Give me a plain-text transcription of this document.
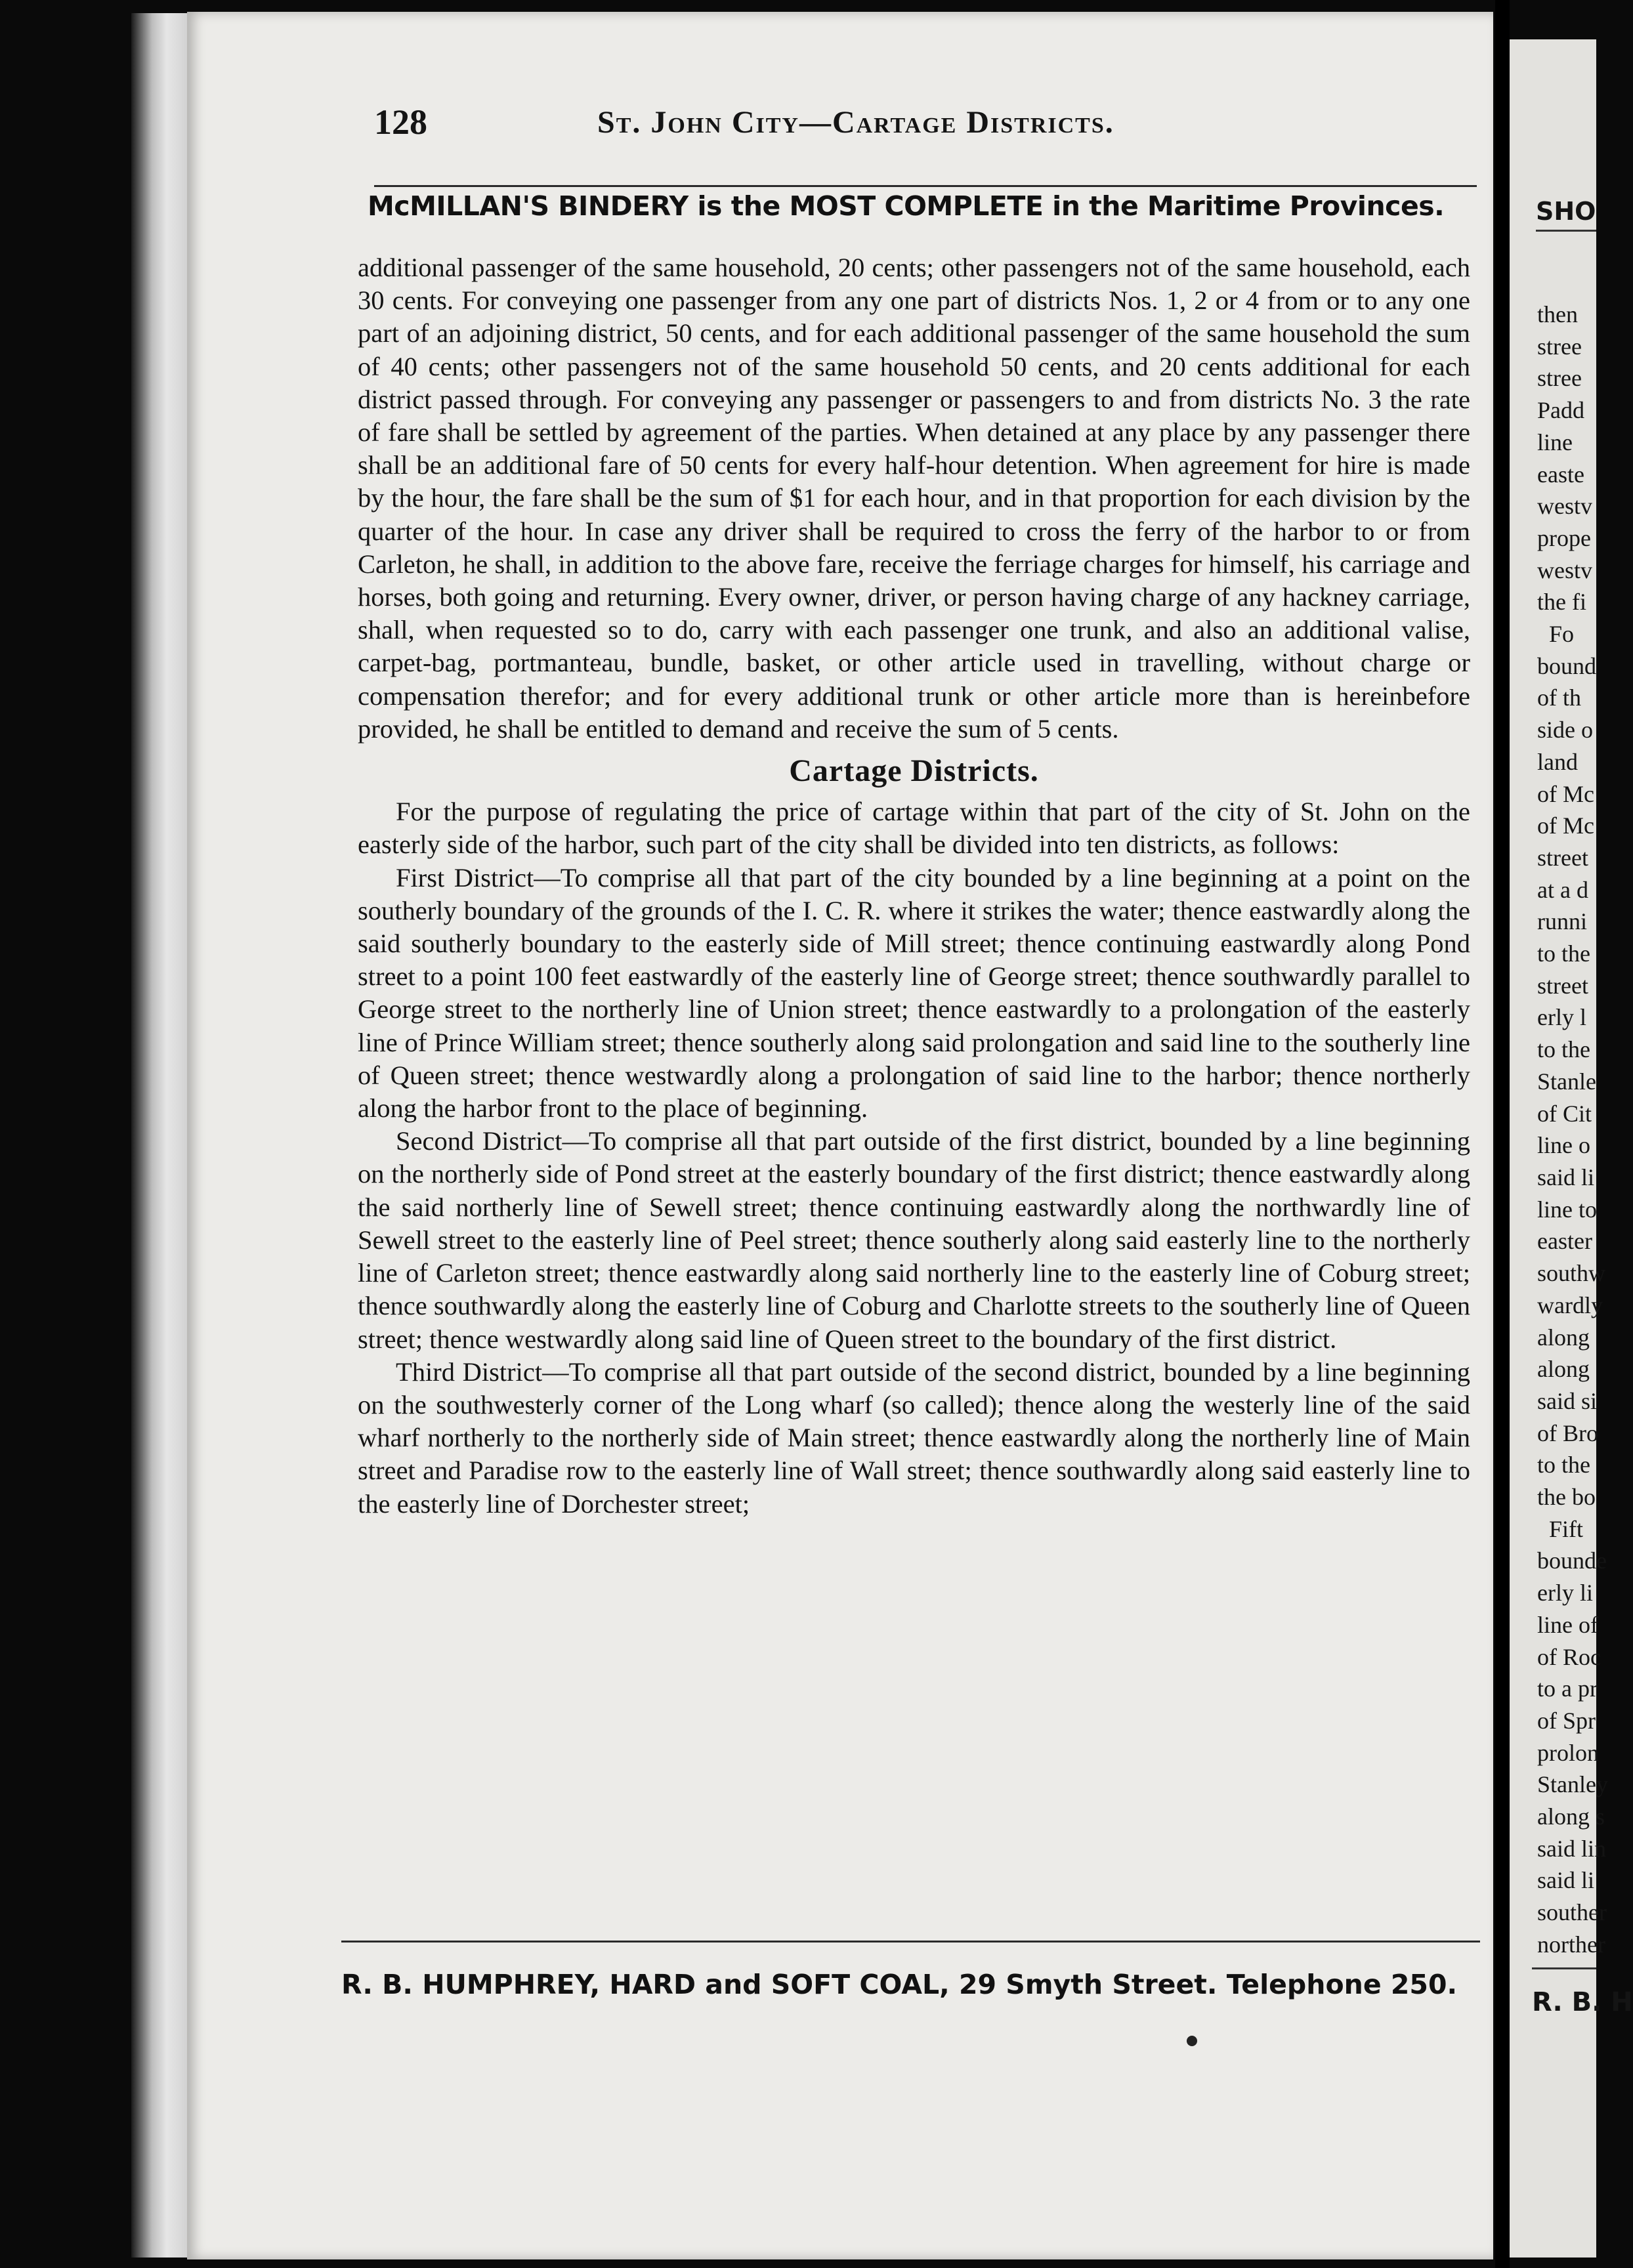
128	St. John City—Cartage Districts.
McMILLAN'S BINDERY is the MOST COMPLETE in the Maritime Provinces.

additional passenger of the same household, 20 cents; other passengers not of the same household, each 30 cents. For conveying one passenger from any one part of districts Nos. 1, 2 or 4 from or to any one part of an adjoining district, 50 cents, and for each additional passenger of the same household the sum of 40 cents; other passengers not of the same household 50 cents, and 20 cents additional for each district passed through. For conveying any passenger or passengers to and from districts No. 3 the rate of fare shall be settled by agreement of the parties. When detained at any place by any passenger there shall be an additional fare of 50 cents for every half-hour detention. When agreement for hire is made by the hour, the fare shall be the sum of $1 for each hour, and in that proportion for each division by the quarter of the hour. In case any driver shall be required to cross the ferry of the harbor to or from Carleton, he shall, in addition to the above fare, receive the ferriage charges for himself, his carriage and horses, both going and returning. Every owner, driver, or person having charge of any hackney carriage, shall, when requested so to do, carry with each passenger one trunk, and also an additional valise, carpet-bag, portmanteau, bundle, basket, or other article used in travelling, without charge or compensation therefor; and for every additional trunk or other article more than is hereinbefore provided, he shall be entitled to demand and receive the sum of 5 cents.

Cartage Districts.

For the purpose of regulating the price of cartage within that part of the city of St. John on the easterly side of the harbor, such part of the city shall be divided into ten districts, as follows:

First District—To comprise all that part of the city bounded by a line beginning at a point on the southerly boundary of the grounds of the I. C. R. where it strikes the water; thence eastwardly along the said southerly boundary to the easterly side of Mill street; thence continuing eastwardly along Pond street to a point 100 feet eastwardly of the easterly line of George street; thence southwardly parallel to George street to the northerly line of Union street; thence eastwardly to a prolongation of the easterly line of Prince William street; thence southerly along said prolongation and said line to the southerly line of Queen street; thence westwardly along a prolongation of said line to the harbor; thence northerly along the harbor front to the place of beginning.

Second District—To comprise all that part outside of the first district, bounded by a line beginning on the northerly side of Pond street at the easterly boundary of the first district; thence eastwardly along the said northerly line of Sewell street; thence continuing eastwardly along the northwardly line of Sewell street to the easterly line of Peel street; thence southerly along said easterly line to the northerly line of Carleton street; thence eastwardly along said northerly line to the easterly line of Coburg street; thence southwardly along the easterly line of Coburg and Charlotte streets to the southerly line of Queen street; thence westwardly along said line of Queen street to the boundary of the first district.

Third District—To comprise all that part outside of the second district, bounded by a line beginning on the southwesterly corner of the Long wharf (so called); thence along the westerly line of the said wharf northerly to the northerly side of Main street; thence eastwardly along the northerly line of Main street and Paradise row to the easterly line of Wall street; thence southwardly along said easterly line to the easterly line of Dorchester street;

R. B. HUMPHREY, HARD and SOFT COAL, 29 Smyth Street. Telephone 250.
SHO
then
stree
stree
Padd
line
easte
westv
prope
westv
the fi
Fo
bound
of th
side o
land
of Mc
of Mc
street
at a d
runni
to the
street
erly l
to the
Stanle
of Cit
line o
said li
line to
easter
southw
wardly
along
along
said si
of Bro
to the
the bo
Fift
bounde
erly li
line of
of Roc
to a pr
of Spr
prolon
Stanley
along s
said lin
said li
souther
norther
R. B. H
